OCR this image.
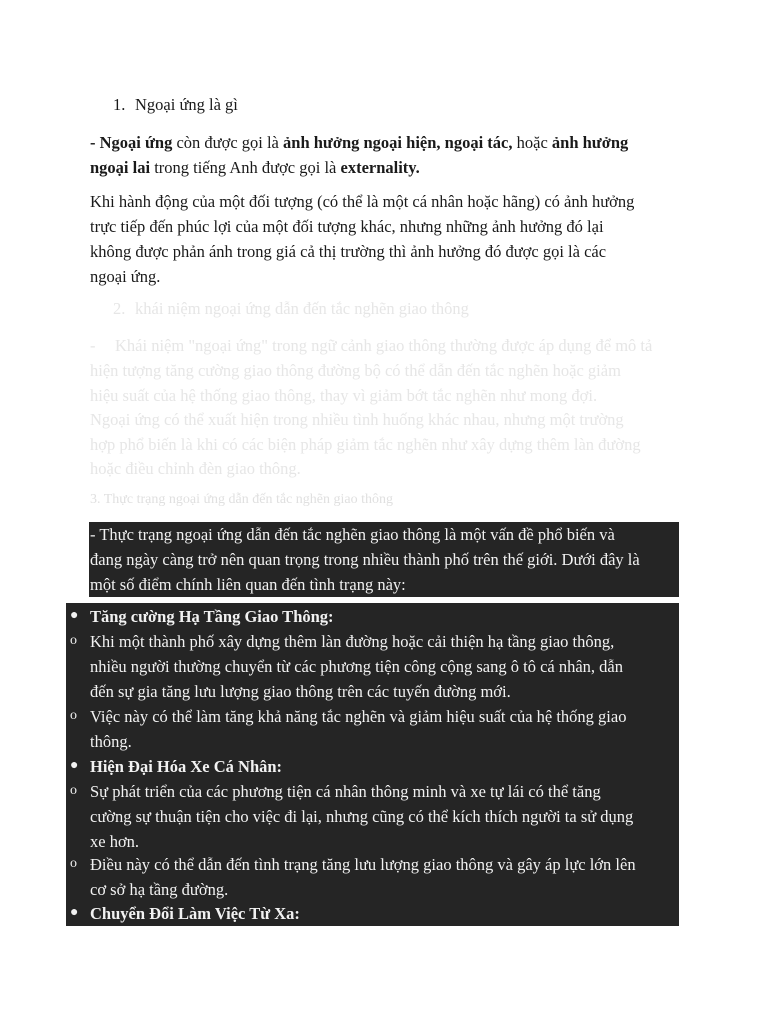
1. Ngoại ứng là gì
- Ngoại ứng còn được gọi là ảnh hưởng ngoại hiện, ngoại tác, hoặc ảnh hưởng
ngoại lai trong tiếng Anh được gọi là externality.
Khi hành động của một đối tượng (có thể là một cá nhân hoặc hãng) có ảnh hưởng
trực tiếp đến phúc lợi của một đối tượng khác, nhưng những ảnh hưởng đó lại
không được phản ánh trong giá cả thị trường thì ảnh hưởng đó được gọi là các
ngoại ứng.
2. khái niệm ngoại ứng dẫn đến tắc nghẽn giao thông
- Khái niệm "ngoại ứng" trong ngữ cảnh giao thông thường được áp dụng để mô tả
hiện tượng tăng cường giao thông đường bộ có thể dẫn đến tắc nghẽn hoặc giảm
hiệu suất của hệ thống giao thông, thay vì giảm bớt tắc nghẽn như mong đợi.
Ngoại ứng có thể xuất hiện trong nhiều tình huống khác nhau, nhưng một trường
hợp phổ biến là khi có các biện pháp giảm tắc nghẽn như xây dựng thêm làn đường
hoặc điều chỉnh đèn giao thông.
3. Thực trạng ngoại ứng dẫn đến tắc nghẽn giao thông
- Thực trạng ngoại ứng dẫn đến tắc nghẽn giao thông là một vấn đề phổ biến và
đang ngày càng trở nên quan trọng trong nhiều thành phố trên thế giới. Dưới đây là
một số điểm chính liên quan đến tình trạng này:
● Tăng cường Hạ Tầng Giao Thông:
o Khi một thành phố xây dựng thêm làn đường hoặc cải thiện hạ tầng giao thông,
nhiều người thường chuyển từ các phương tiện công cộng sang ô tô cá nhân, dẫn
đến sự gia tăng lưu lượng giao thông trên các tuyến đường mới.
o Việc này có thể làm tăng khả năng tắc nghẽn và giảm hiệu suất của hệ thống giao
thông.
● Hiện Đại Hóa Xe Cá Nhân:
o Sự phát triển của các phương tiện cá nhân thông minh và xe tự lái có thể tăng
cường sự thuận tiện cho việc đi lại, nhưng cũng có thể kích thích người ta sử dụng
xe hơn.
o Điều này có thể dẫn đến tình trạng tăng lưu lượng giao thông và gây áp lực lớn lên
cơ sở hạ tầng đường.
● Chuyển Đổi Làm Việc Từ Xa:
